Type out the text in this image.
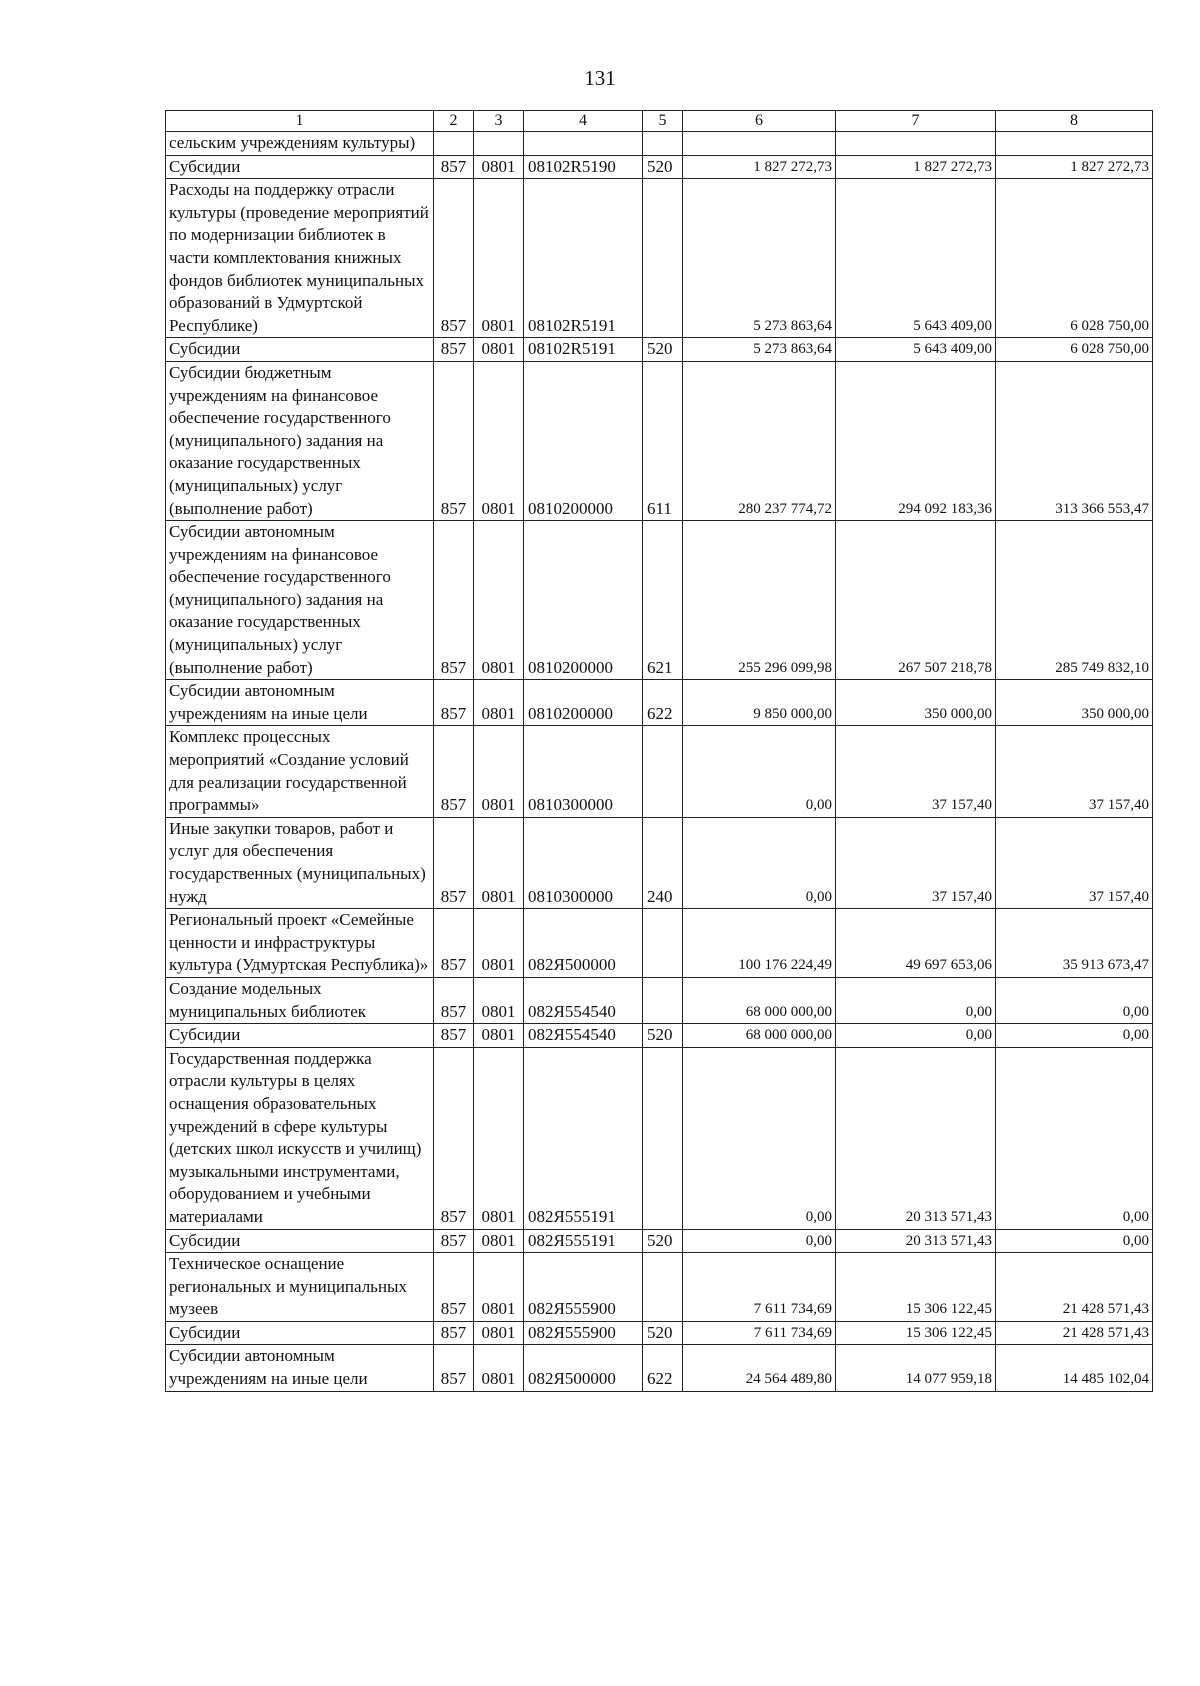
131
1	2	3	4	5	6	7	8
сельским учреждениям культуры)							
Субсидии	857	0801	08102R5190	520	1 827 272,73	1 827 272,73	1 827 272,73
Расходы на поддержку отрасли культуры (проведение мероприятий по модернизации библиотек в части комплектования книжных фондов библиотек муниципальных образований в Удмуртской Республике)	857	0801	08102R5191		5 273 863,64	5 643 409,00	6 028 750,00
Субсидии	857	0801	08102R5191	520	5 273 863,64	5 643 409,00	6 028 750,00
Субсидии бюджетным учреждениям на финансовое обеспечение государственного (муниципального) задания на оказание государственных (муниципальных) услуг (выполнение работ)	857	0801	0810200000	611	280 237 774,72	294 092 183,36	313 366 553,47
Субсидии автономным учреждениям на финансовое обеспечение государственного (муниципального) задания на оказание государственных (муниципальных) услуг (выполнение работ)	857	0801	0810200000	621	255 296 099,98	267 507 218,78	285 749 832,10
Субсидии автономным учреждениям на иные цели	857	0801	0810200000	622	9 850 000,00	350 000,00	350 000,00
Комплекс процессных мероприятий «Создание условий для реализации государственной программы»	857	0801	0810300000		0,00	37 157,40	37 157,40
Иные закупки товаров, работ и услуг для обеспечения государственных (муниципальных) нужд	857	0801	0810300000	240	0,00	37 157,40	37 157,40
Региональный проект «Семейные ценности и инфраструктуры культура (Удмуртская Республика)»	857	0801	082Я500000		100 176 224,49	49 697 653,06	35 913 673,47
Создание модельных муниципальных библиотек	857	0801	082Я554540		68 000 000,00	0,00	0,00
Субсидии	857	0801	082Я554540	520	68 000 000,00	0,00	0,00
Государственная поддержка отрасли культуры в целях оснащения образовательных учреждений в сфере культуры (детских школ искусств и училищ) музыкальными инструментами, оборудованием и учебными материалами	857	0801	082Я555191		0,00	20 313 571,43	0,00
Субсидии	857	0801	082Я555191	520	0,00	20 313 571,43	0,00
Техническое оснащение региональных и муниципальных музеев	857	0801	082Я555900		7 611 734,69	15 306 122,45	21 428 571,43
Субсидии	857	0801	082Я555900	520	7 611 734,69	15 306 122,45	21 428 571,43
Субсидии автономным учреждениям на иные цели	857	0801	082Я500000	622	24 564 489,80	14 077 959,18	14 485 102,04
